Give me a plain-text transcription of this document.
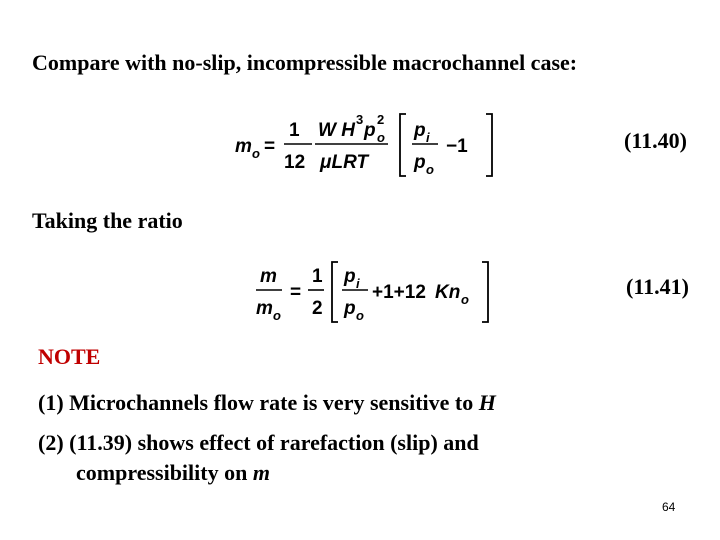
Compare with no-slip, incompressible macrochannel case:
m o =
1
12
W H
3
p
2
o
μLRT
p i
p o
−1	(11.40)
Taking the ratio
m
m o
=
1
2
p i
p o
+1+12 Kn o
(11.41)
NOTE
(1) Microchannels flow rate is very sensitive to H
(2) (11.39) shows effect of rarefaction (slip) and
compressibility on m
64
